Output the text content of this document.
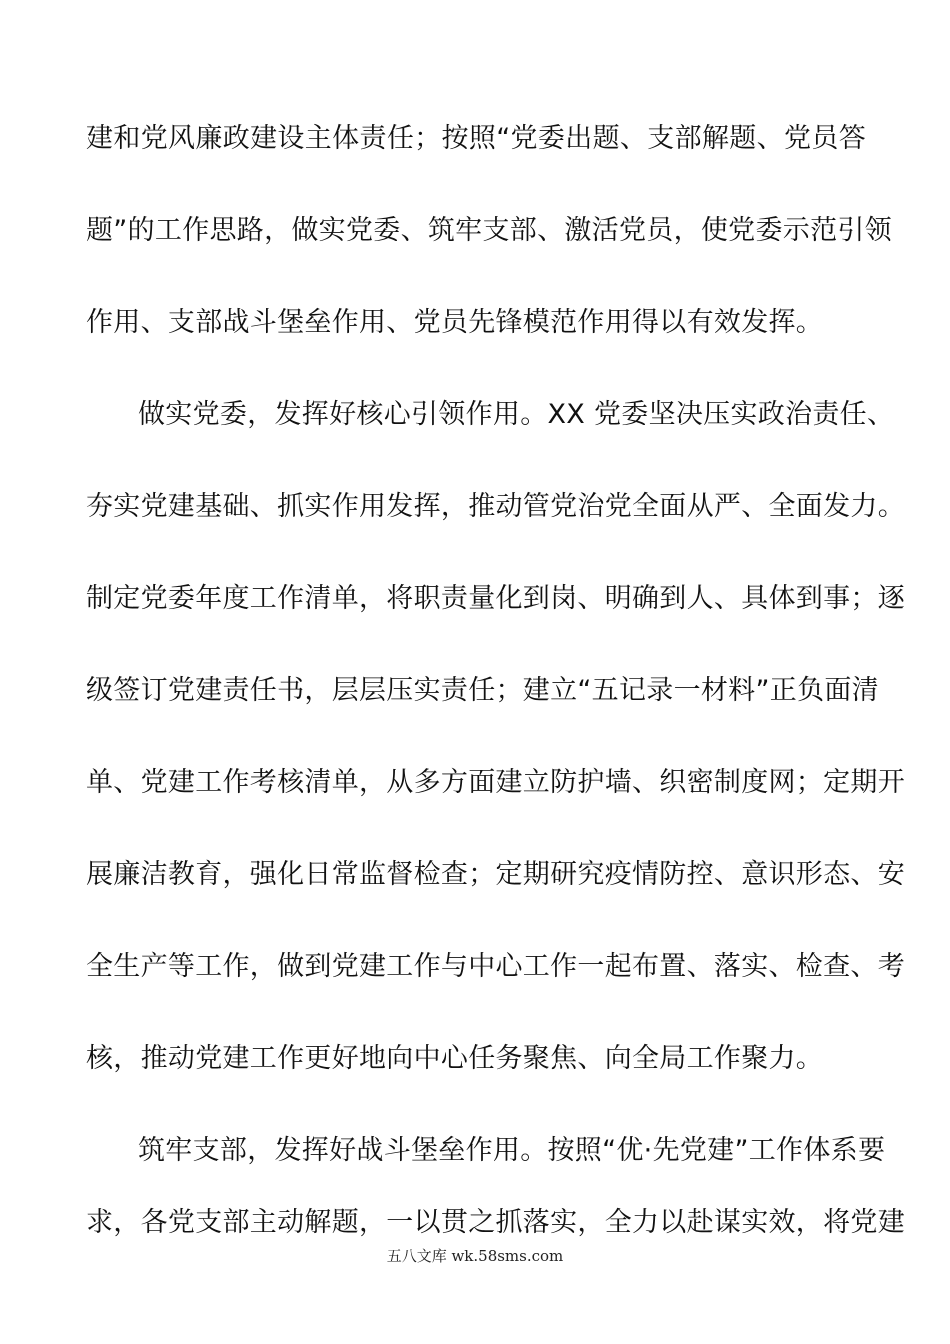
建和党风廉政建设主体责任；按照“党委出题、支部解题、党员答
题”的工作思路，做实党委、筑牢支部、激活党员，使党委示范引领
作用、支部战斗堡垒作用、党员先锋模范作用得以有效发挥。
做实党委，发挥好核心引领作用。XX 党委坚决压实政治责任、
夯实党建基础、抓实作用发挥，推动管党治党全面从严、全面发力。
制定党委年度工作清单，将职责量化到岗、明确到人、具体到事；逐
级签订党建责任书，层层压实责任；建立“五记录一材料”正负面清
单、党建工作考核清单，从多方面建立防护墙、织密制度网；定期开
展廉洁教育，强化日常监督检查；定期研究疫情防控、意识形态、安
全生产等工作，做到党建工作与中心工作一起布置、落实、检查、考
核，推动党建工作更好地向中心任务聚焦、向全局工作聚力。
筑牢支部，发挥好战斗堡垒作用。按照“优·先党建”工作体系要
求，各党支部主动解题，一以贯之抓落实，全力以赴谋实效，将党建
五八文库 wk.58sms.com
